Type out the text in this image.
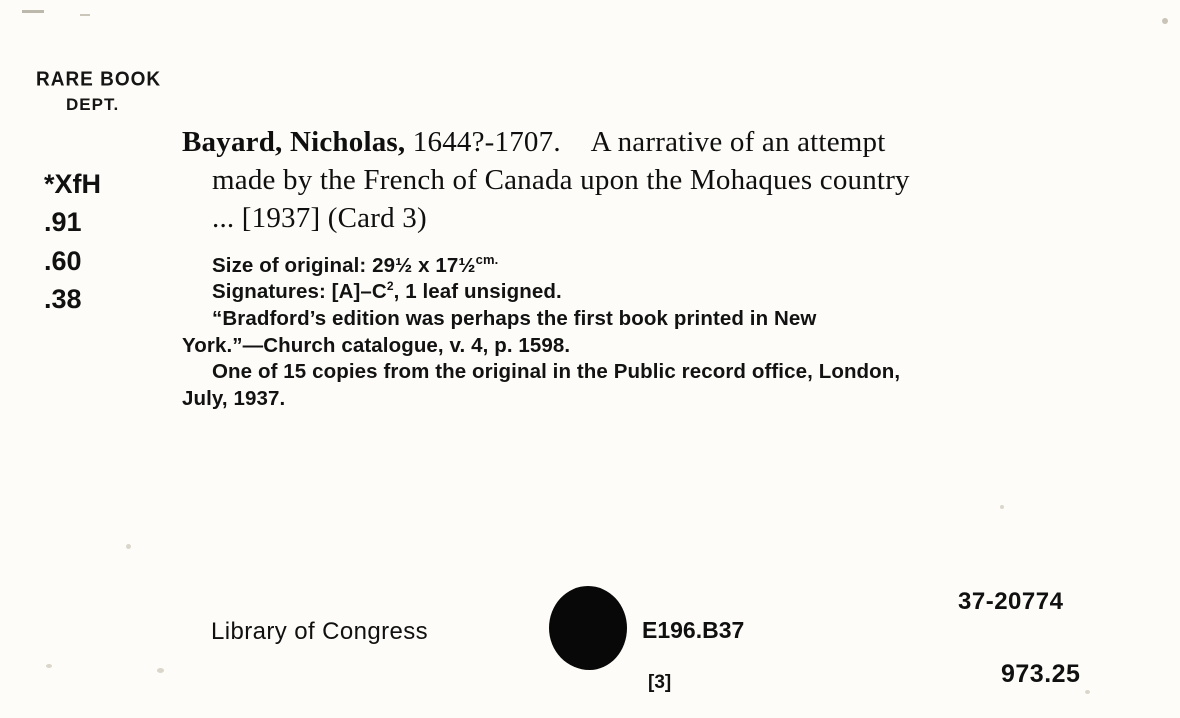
RARE BOOK
DEPT.
*XfH
.91
.60
.38
Bayard, Nicholas, 1644?-1707. A narrative of an attempt
made by the French of Canada upon the Mohaques country
... [1937] (Card 3)
Size of original: 29½ x 17½$^{cm.}$
Signatures: $[A]-C^2$, 1 leaf unsigned.
“Bradford’s edition was perhaps the first book printed in New
York.”—Church catalogue, v. 4, p. 1598.
One of 15 copies from the original in the Public record office, London,
July, 1937.
Library of Congress	E196.B37
[3]
37-20774
973.25
